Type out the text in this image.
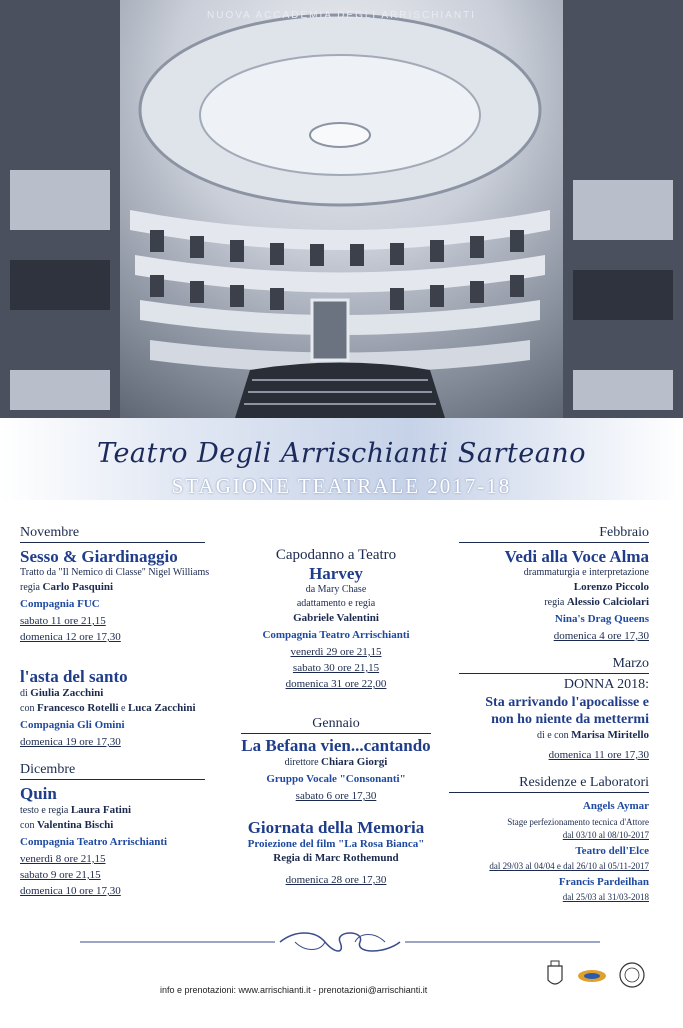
NUOVA ACCADEMIA DEGLI ARRISCHIANTI
Teatro Degli Arrischianti Sarteano
STAGIONE TEATRALE 2017-18
Novembre
Sesso & Giardinaggio
Tratto da "Il Nemico di Classe" Nigel Williams
regia Carlo Pasquini
Compagnia FUC
sabato 11 ore 21,15
domenica 12 ore 17,30
l'asta del santo
di Giulia Zacchini
con Francesco Rotelli e Luca Zacchini
Compagnia Gli Omini
domenica 19 ore 17,30
Dicembre
Quin
testo e regia Laura Fatini
con Valentina Bischi
Compagnia Teatro Arrischianti
venerdì 8 ore 21,15
sabato 9 ore 21,15
domenica 10 ore 17,30
Capodanno a Teatro
Harvey
da Mary Chase
adattamento e regia
Gabriele Valentini
Compagnia Teatro Arrischianti
venerdì 29 ore 21,15
sabato 30 ore 21,15
domenica 31 ore 22,00
Gennaio
La Befana vien...cantando
direttore Chiara Giorgi
Gruppo Vocale "Consonanti"
sabato 6 ore 17,30
Giornata della Memoria
Proiezione del film "La Rosa Bianca"
Regia di Marc Rothemund
domenica 28 ore 17,30
Febbraio
Vedi alla Voce Alma
drammaturgia e interpretazione
Lorenzo Piccolo
regia Alessio Calciolari
Nina's Drag Queens
domenica 4 ore 17,30
Marzo
DONNA 2018:
Sta arrivando l'apocalisse e
non ho niente da mettermi
di e con Marisa Miritello
domenica 11 ore 17,30
Residenze e Laboratori
Angels Aymar
Stage perfezionamento tecnica d'Attore
dal 03/10 al 08/10-2017
Teatro dell'Elce
dal 29/03 al 04/04 e dal 26/10 al 05/11-2017
Francis Pardeilhan
dal 25/03 al 31/03-2018
info e prenotazioni: www.arrischianti.it - prenotazioni@arrischianti.it
